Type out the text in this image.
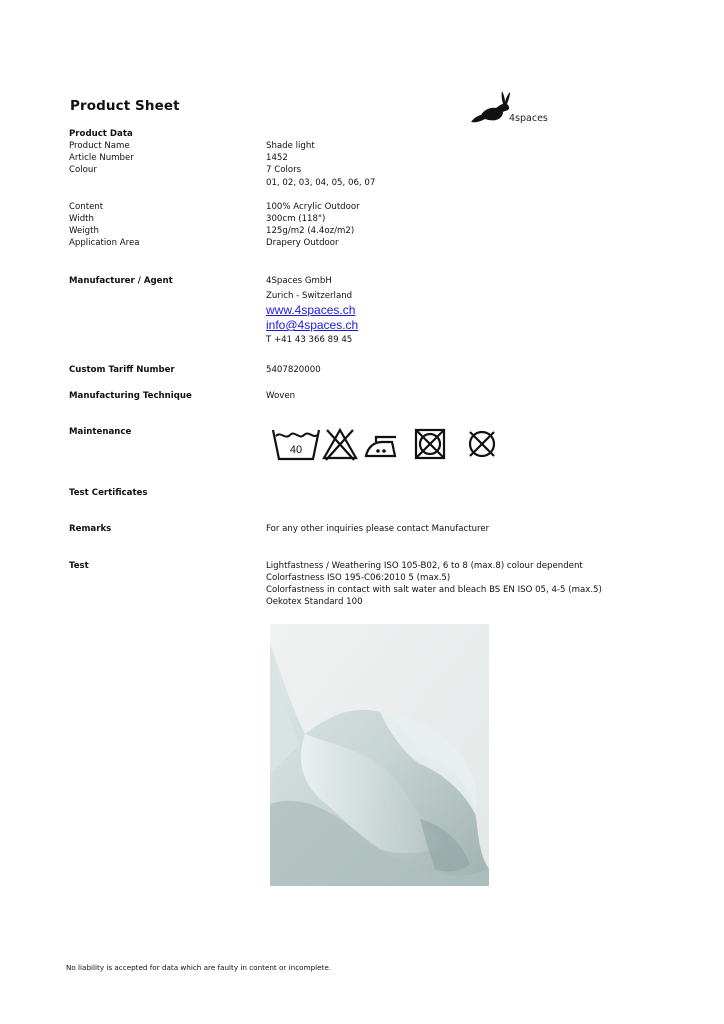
Product Sheet
4spaces
Product Data
Product Name	Shade light
Article Number	1452
Colour	7 Colors
01, 02, 03, 04, 05, 06, 07
Content	100% Acrylic Outdoor
Width	300cm (118")
Weigth	125g/m2 (4.4oz/m2)
Application Area	Drapery Outdoor
Manufacturer / Agent	4Spaces GmbH
Zurich - Switzerland
www.4spaces.ch
info@4spaces.ch
T +41 43 366 89 45
Custom Tariff Number	5407820000
Manufacturing Technique	Woven
Maintenance
40
Test Certificates
Remarks	For any other inquiries please contact Manufacturer
Test	Lightfastness / Weathering ISO 105-B02, 6 to 8 (max.8) colour dependent
Colorfastness ISO 195-C06:2010 5 (max.5)
Colorfastness in contact with salt water and bleach BS EN ISO 05, 4-5 (max.5)
Oekotex Standard 100
No liability is accepted for data which are faulty in content or incomplete.
